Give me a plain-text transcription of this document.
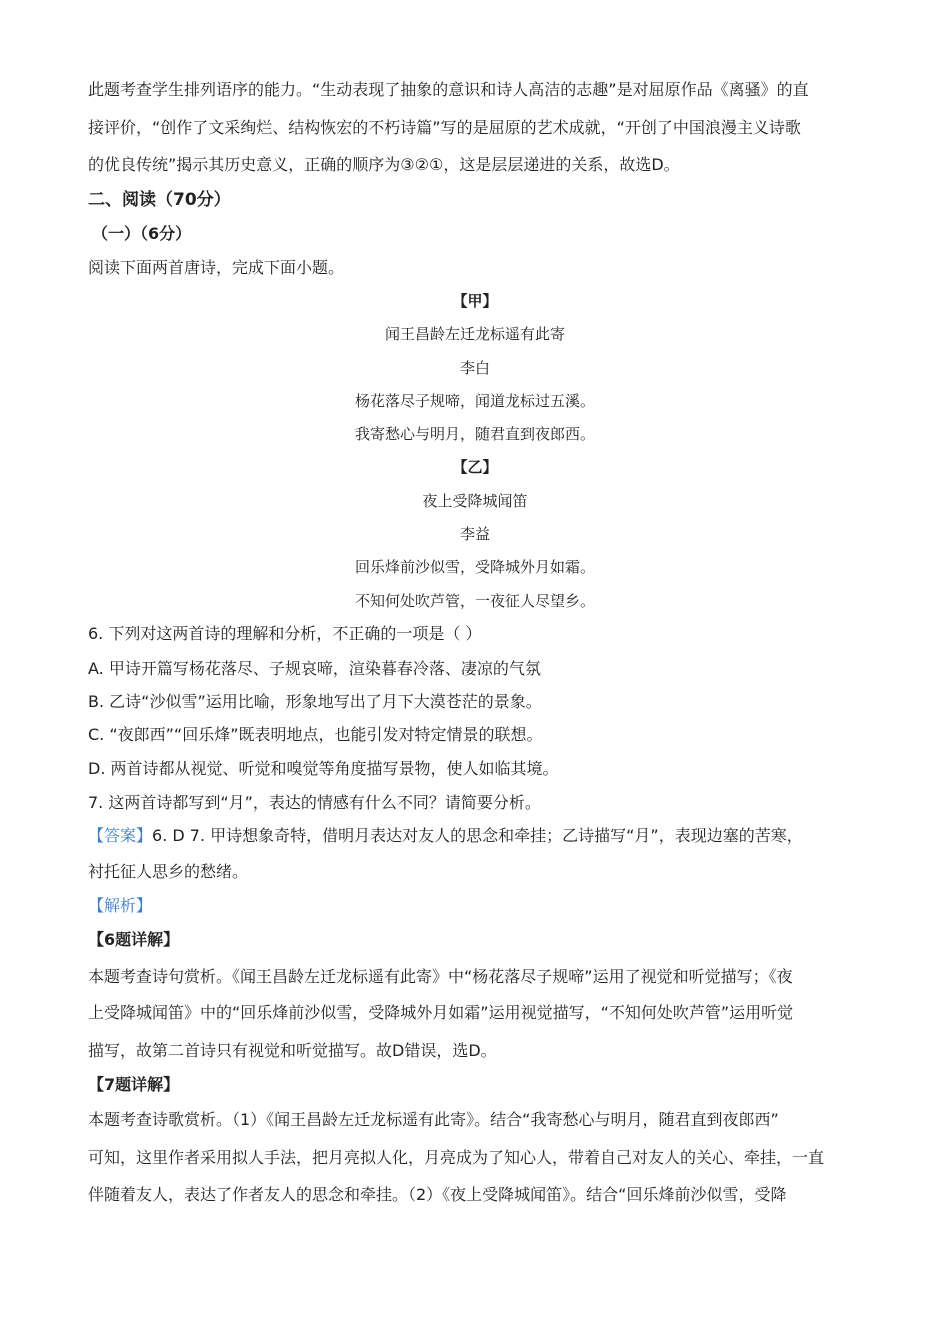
此题考查学生排列语序的能力。“生动表现了抽象的意识和诗人高洁的志趣”是对屈原作品《离骚》的直
接评价，“创作了文采绚烂、结构恢宏的不朽诗篇”写的是屈原的艺术成就，“开创了中国浪漫主义诗歌
的优良传统”揭示其历史意义，正确的顺序为③②①，这是层层递进的关系，故选D。
二、阅读（70分）
（一）（6分）
阅读下面两首唐诗，完成下面小题。
【甲】
闻王昌龄左迁龙标遥有此寄
李白
杨花落尽子规啼，闻道龙标过五溪。
我寄愁心与明月，随君直到夜郎西。
【乙】
夜上受降城闻笛
李益
回乐烽前沙似雪，受降城外月如霜。
不知何处吹芦管，一夜征人尽望乡。
6. 下列对这两首诗的理解和分析，不正确的一项是（ ）
A. 甲诗开篇写杨花落尽、子规哀啼，渲染暮春冷落、凄凉的气氛
B. 乙诗“沙似雪”运用比喻，形象地写出了月下大漠苍茫的景象。
C. “夜郎西”“回乐烽”既表明地点，也能引发对特定情景的联想。
D. 两首诗都从视觉、听觉和嗅觉等角度描写景物，使人如临其境。
7. 这两首诗都写到“月”，表达的情感有什么不同？请简要分析。
【答案】6. D 7. 甲诗想象奇特，借明月表达对友人的思念和牵挂；乙诗描写“月”，表现边塞的苦寒，
衬托征人思乡的愁绪。
【解析】
【6题详解】
本题考查诗句赏析。《闻王昌龄左迁龙标遥有此寄》中“杨花落尽子规啼”运用了视觉和听觉描写；《夜
上受降城闻笛》中的“回乐烽前沙似雪，受降城外月如霜”运用视觉描写，“不知何处吹芦管”运用听觉
描写，故第二首诗只有视觉和听觉描写。故D错误，选D。
【7题详解】
本题考查诗歌赏析。（1）《闻王昌龄左迁龙标遥有此寄》。结合“我寄愁心与明月，随君直到夜郎西”
可知，这里作者采用拟人手法，把月亮拟人化，月亮成为了知心人，带着自己对友人的关心、牵挂，一直
伴随着友人，表达了作者友人的思念和牵挂。（2）《夜上受降城闻笛》。结合“回乐烽前沙似雪，受降
